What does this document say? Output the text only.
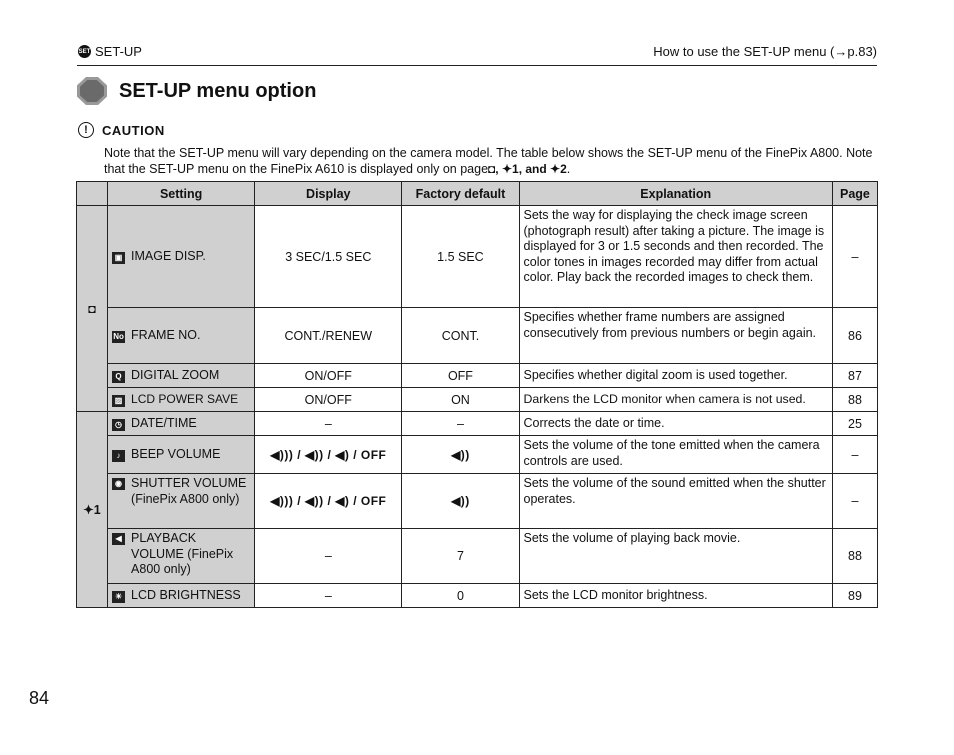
SET SET-UP	How to use the SET-UP menu (→p.83)
SET-UP menu option
!	CAUTION
Note that the SET-UP menu will vary depending on the camera model. The table below shows the SET-UP menu of the FinePix A800. Note that the SET-UP menu on the FinePix A610 is displayed only on page◘, ✦1, and ✦2.
	Setting	Display	Factory default	Explanation	Page
◘	▣ IMAGE DISP.	3 SEC/1.5 SEC	1.5 SEC	Sets the way for displaying the check image screen (photograph result) after taking a picture. The image is displayed for 3 or 1.5 seconds and then recorded. The color tones in images recorded may differ from actual color. Play back the recorded images to check them.	–

No FRAME NO.	CONT./RENEW	CONT.	Specifies whether frame numbers are assigned consecutively from previous numbers or begin again.	86

Q DIGITAL ZOOM	ON/OFF	OFF	Specifies whether digital zoom is used together.	87

▨ LCD POWER SAVE	ON/OFF	ON	Darkens the LCD monitor when camera is not used.	88
✦1	◷ DATE/TIME	–	–	Corrects the date or time.	25

♪ BEEP VOLUME	◀))) / ◀)) / ◀) / OFF	◀))	Sets the volume of the tone emitted when the camera controls are used.	–

◉ SHUTTER VOLUME (FinePix A800 only)	◀))) / ◀)) / ◀) / OFF	◀))	Sets the volume of the sound emitted when the shutter operates.	–

◀ PLAYBACK VOLUME (FinePix A800 only)	–	7	Sets the volume of playing back movie.	88

☀ LCD BRIGHTNESS	–	0	Sets the LCD monitor brightness.	89
84
